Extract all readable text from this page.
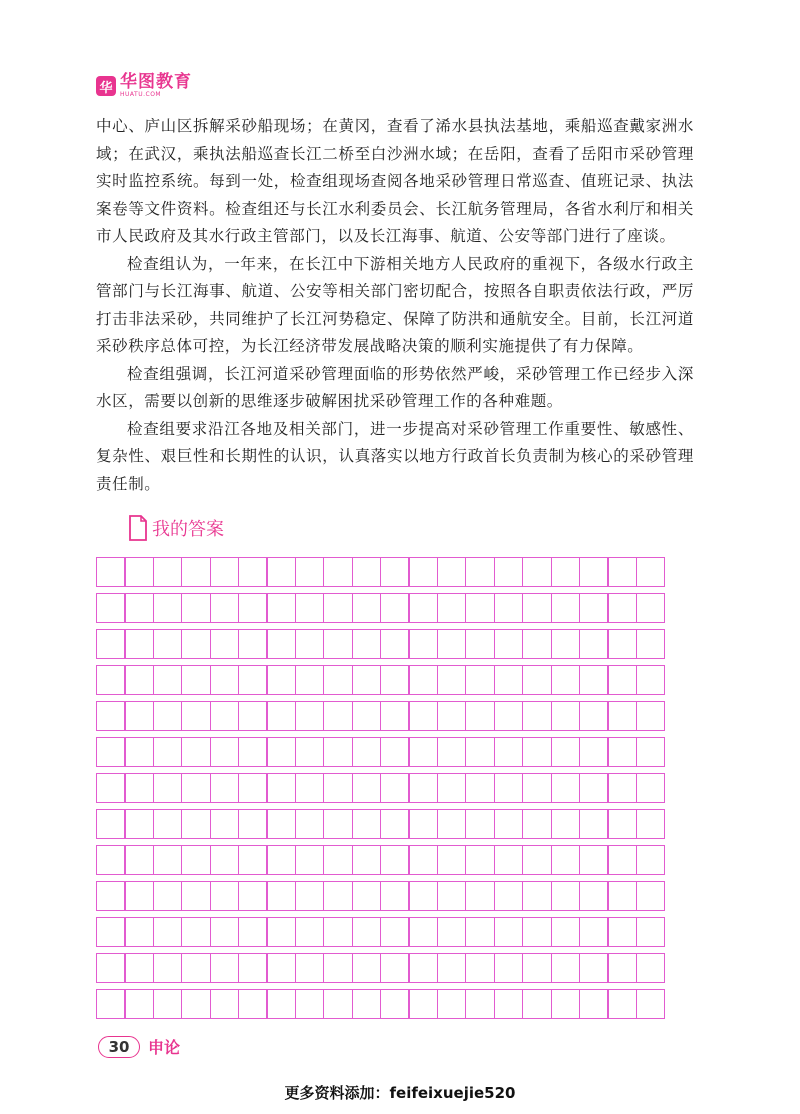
华 华图教育
HUATU.COM

中心、庐山区拆解采砂船现场；在黄冈，查看了浠水县执法基地，乘船巡查戴家洲水域；在武汉，乘执法船巡查长江二桥至白沙洲水域；在岳阳，查看了岳阳市采砂管理实时监控系统。每到一处，检查组现场查阅各地采砂管理日常巡查、值班记录、执法案卷等文件资料。检查组还与长江水利委员会、长江航务管理局，各省水利厅和相关市人民政府及其水行政主管部门，以及长江海事、航道、公安等部门进行了座谈。

检查组认为，一年来，在长江中下游相关地方人民政府的重视下，各级水行政主管部门与长江海事、航道、公安等相关部门密切配合，按照各自职责依法行政，严厉打击非法采砂，共同维护了长江河势稳定、保障了防洪和通航安全。目前，长江河道采砂秩序总体可控，为长江经济带发展战略决策的顺利实施提供了有力保障。

检查组强调，长江河道采砂管理面临的形势依然严峻，采砂管理工作已经步入深水区，需要以创新的思维逐步破解困扰采砂管理工作的各种难题。

检查组要求沿江各地及相关部门，进一步提高对采砂管理工作重要性、敏感性、复杂性、艰巨性和长期性的认识，认真落实以地方行政首长负责制为核心的采砂管理责任制。

我的答案
30	申论
更多资料添加：feifeixuejie520
